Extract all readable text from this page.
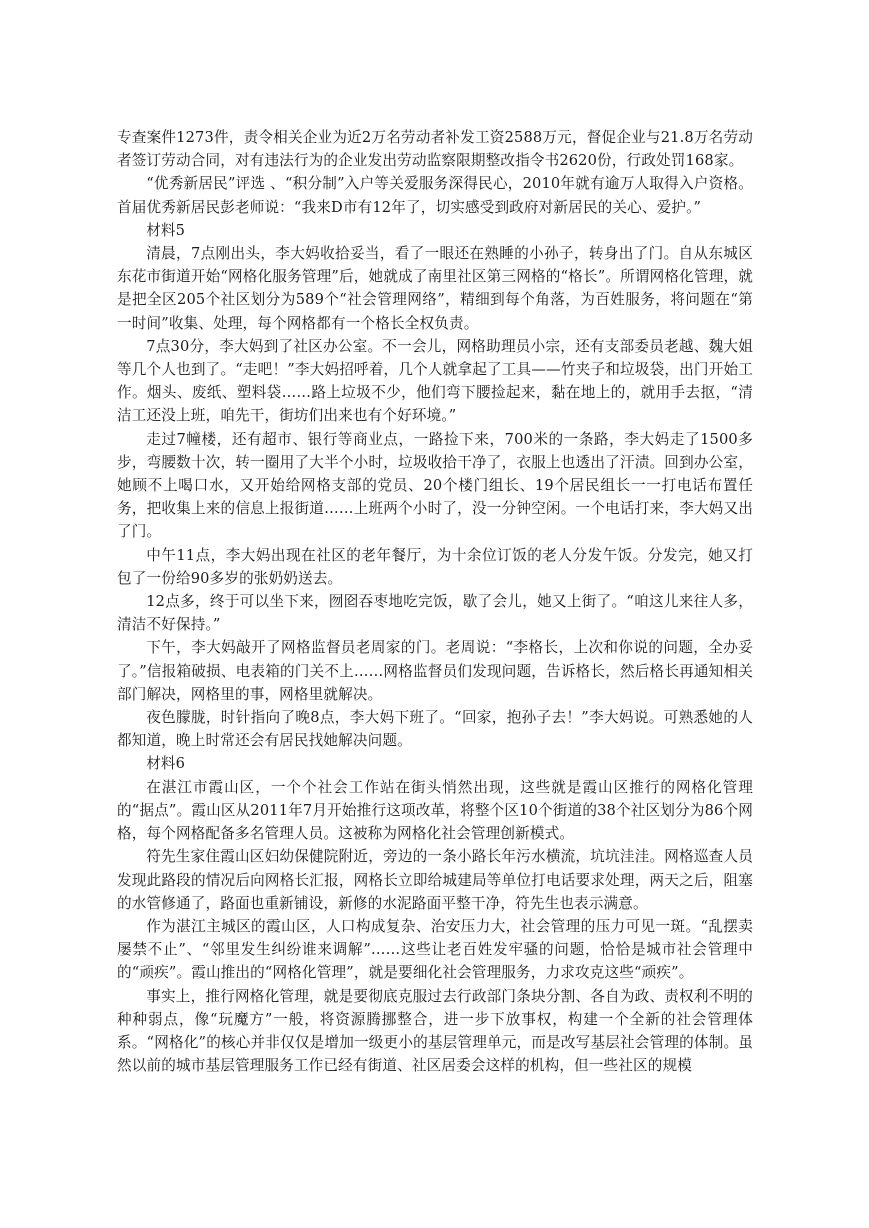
专查案件1273件，责令相关企业为近2万名劳动者补发工资2588万元，督促企业与21.8万名劳动者签订劳动合同，对有违法行为的企业发出劳动监察限期整改指令书2620份，行政处罚168家。

“优秀新居民”评选 、“积分制”入户等关爱服务深得民心，2010年就有逾万人取得入户资格。首届优秀新居民彭老师说：“我来D市有12年了，切实感受到政府对新居民的关心、爱护。”

材料5

清晨，7点刚出头，李大妈收拾妥当，看了一眼还在熟睡的小孙子，转身出了门。自从东城区东花市街道开始“网格化服务管理”后，她就成了南里社区第三网格的“格长”。所谓网格化管理，就是把全区205个社区划分为589个“社会管理网络”，精细到每个角落，为百姓服务，将问题在“第一时间”收集、处理，每个网格都有一个格长全权负责。

7点30分，李大妈到了社区办公室。不一会儿，网格助理员小宗，还有支部委员老越、魏大姐等几个人也到了。“走吧！”李大妈招呼着，几个人就拿起了工具——竹夹子和垃圾袋，出门开始工作。烟头、废纸、塑料袋……路上垃圾不少，他们弯下腰捡起来，黏在地上的，就用手去抠，“清洁工还没上班，咱先干，街坊们出来也有个好环境。”

走过7幢楼，还有超市、银行等商业点，一路捡下来，700米的一条路，李大妈走了1500多步，弯腰数十次，转一圈用了大半个小时，垃圾收拾干净了，衣服上也透出了汗渍。回到办公室，她顾不上喝口水，又开始给网格支部的党员、20个楼门组长、19个居民组长一一打电话布置任务，把收集上来的信息上报街道……上班两个小时了，没一分钟空闲。一个电话打来，李大妈又出了门。

中午11点，李大妈出现在社区的老年餐厅，为十余位订饭的老人分发午饭。分发完，她又打包了一份给90多岁的张奶奶送去。

12点多，终于可以坐下来，囫囵吞枣地吃完饭，歇了会儿，她又上街了。“咱这儿来往人多，清洁不好保持。”

下午，李大妈敲开了网格监督员老周家的门。老周说：“李格长，上次和你说的问题，全办妥了。”信报箱破损、电表箱的门关不上……网格监督员们发现问题，告诉格长，然后格长再通知相关部门解决，网格里的事，网格里就解决。

夜色朦胧，时针指向了晚8点，李大妈下班了。“回家，抱孙子去！”李大妈说。可熟悉她的人都知道，晚上时常还会有居民找她解决问题。

材料6

在湛江市霞山区，一个个社会工作站在街头悄然出现，这些就是霞山区推行的网格化管理的“据点”。霞山区从2011年7月开始推行这项改革，将整个区10个街道的38个社区划分为86个网格，每个网格配备多名管理人员。这被称为网格化社会管理创新模式。

符先生家住霞山区妇幼保健院附近，旁边的一条小路长年污水横流，坑坑洼洼。网格巡查人员发现此路段的情况后向网格长汇报，网格长立即给城建局等单位打电话要求处理，两天之后，阻塞的水管修通了，路面也重新铺设，新修的水泥路面平整干净，符先生也表示满意。

作为湛江主城区的霞山区，人口构成复杂、治安压力大，社会管理的压力可见一斑。“乱摆卖屡禁不止”、“邻里发生纠纷谁来调解”……这些让老百姓发牢骚的问题，恰恰是城市社会管理中的“顽疾”。霞山推出的“网格化管理”，就是要细化社会管理服务，力求攻克这些“顽疾”。

事实上，推行网格化管理，就是要彻底克服过去行政部门条块分割、各自为政、责权利不明的种种弱点，像“玩魔方”一般，将资源腾挪整合，进一步下放事权，构建一个全新的社会管理体系。“网格化”的核心并非仅仅是增加一级更小的基层管理单元，而是改写基层社会管理的体制。虽然以前的城市基层管理服务工作已经有街道、社区居委会这样的机构，但一些社区的规模
